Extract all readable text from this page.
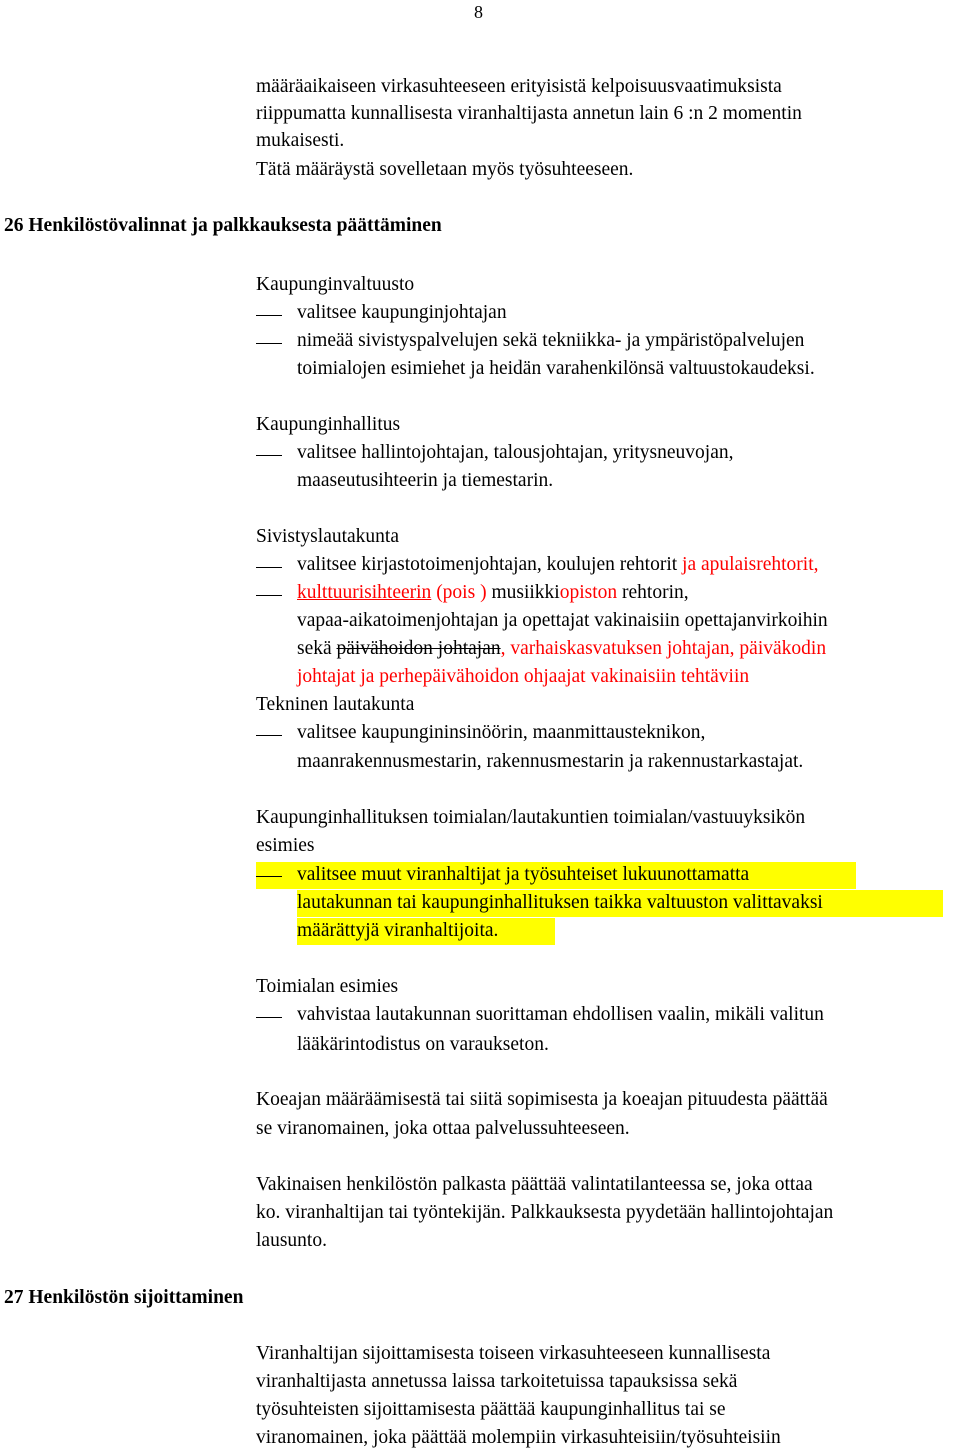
8
määräaikaiseen virkasuhteeseen erityisistä kelpoisuusvaatimuksista
riippumatta kunnallisesta viranhaltijasta annetun lain 6 :n 2 momentin
mukaisesti.
Tätä määräystä sovelletaan myös työsuhteeseen.
26 Henkilöstövalinnat ja palkkauksesta päättäminen
Kaupunginvaltuusto
valitsee kaupunginjohtajan
nimeää sivistyspalvelujen sekä tekniikka- ja ympäristöpalvelujen
toimialojen esimiehet ja heidän varahenkilönsä valtuustokaudeksi.
Kaupunginhallitus
valitsee hallintojohtajan, talousjohtajan, yritysneuvojan,
maaseutusihteerin ja tiemestarin.
Sivistyslautakunta
valitsee kirjastotoimenjohtajan, koulujen rehtorit ja apulaisrehtorit,
kulttuurisihteerin (pois ) musiikkiopiston rehtorin,
vapaa-aikatoimenjohtajan ja opettajat vakinaisiin opettajanvirkoihin
sekä päivähoidon johtajan, varhaiskasvatuksen johtajan, päiväkodin
johtajat ja perhepäivähoidon ohjaajat vakinaisiin tehtäviin
Tekninen lautakunta
valitsee kaupungininsinöörin, maanmittausteknikon,
maanrakennusmestarin, rakennusmestarin ja rakennustarkastajat.
Kaupunginhallituksen toimialan/lautakuntien toimialan/vastuuyksikön
esimies
valitsee muut viranhaltijat ja työsuhteiset lukuunottamatta
lautakunnan tai kaupunginhallituksen taikka valtuuston valittavaksi
määrättyjä viranhaltijoita.
Toimialan esimies
vahvistaa lautakunnan suorittaman ehdollisen vaalin, mikäli valitun
lääkärintodistus on varaukseton.
Koeajan määräämisestä tai siitä sopimisesta ja koeajan pituudesta päättää
se viranomainen, joka ottaa palvelussuhteeseen.
Vakinaisen henkilöstön palkasta päättää valintatilanteessa se, joka ottaa
ko. viranhaltijan tai työntekijän. Palkkauksesta pyydetään hallintojohtajan
lausunto.
27 Henkilöstön sijoittaminen
Viranhaltijan sijoittamisesta toiseen virkasuhteeseen kunnallisesta
viranhaltijasta annetussa laissa tarkoitetuissa tapauksissa sekä
työsuhteisten sijoittamisesta päättää kaupunginhallitus tai se
viranomainen, joka päättää molempiin virkasuhteisiin/työsuhteisiin
